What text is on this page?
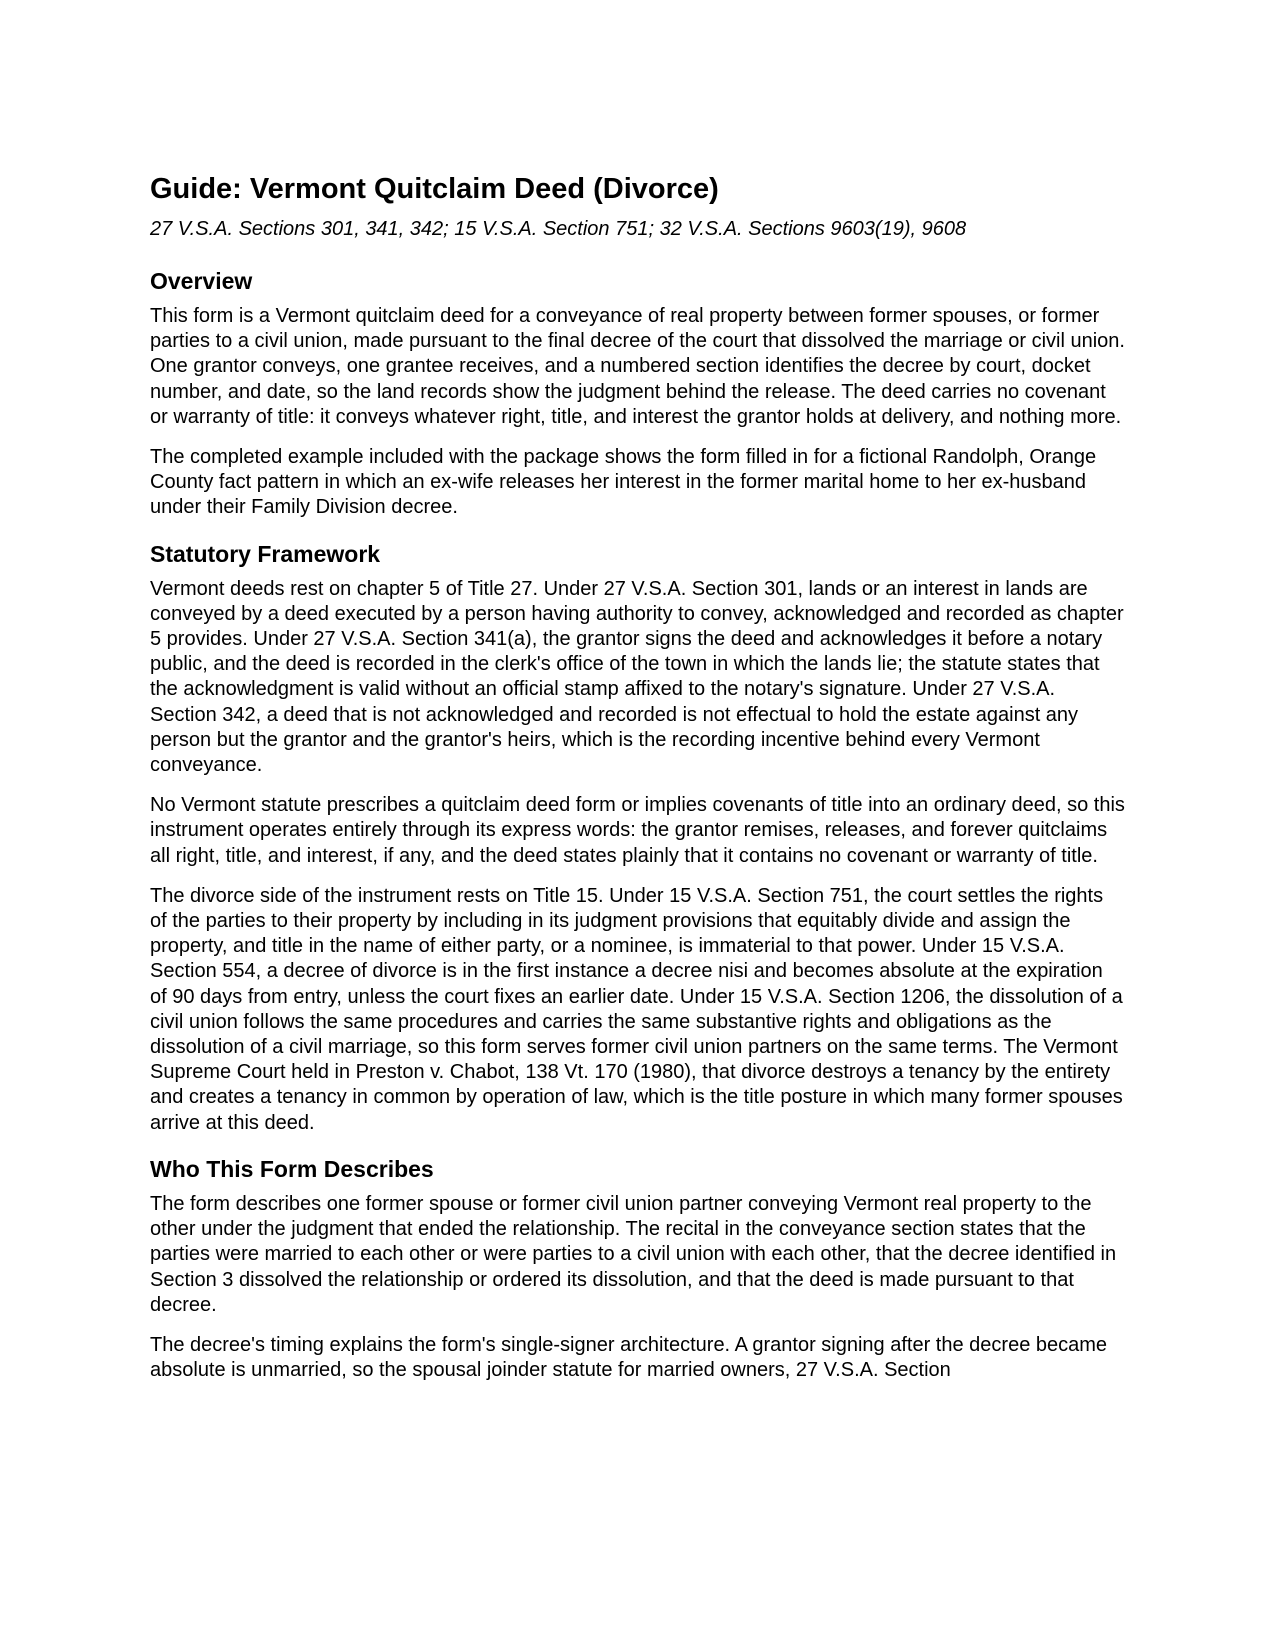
Guide: Vermont Quitclaim Deed (Divorce)
27 V.S.A. Sections 301, 341, 342; 15 V.S.A. Section 751; 32 V.S.A. Sections 9603(19), 9608
Overview

This form is a Vermont quitclaim deed for a conveyance of real property between former spouses, or former parties to a civil union, made pursuant to the final decree of the court that dissolved the marriage or civil union. One grantor conveys, one grantee receives, and a numbered section identifies the decree by court, docket number, and date, so the land records show the judgment behind the release. The deed carries no covenant or warranty of title: it conveys whatever right, title, and interest the grantor holds at delivery, and nothing more.

The completed example included with the package shows the form filled in for a fictional Randolph, Orange County fact pattern in which an ex-wife releases her interest in the former marital home to her ex-husband under their Family Division decree.

Statutory Framework

Vermont deeds rest on chapter 5 of Title 27. Under 27 V.S.A. Section 301, lands or an interest in lands are conveyed by a deed executed by a person having authority to convey, acknowledged and recorded as chapter 5 provides. Under 27 V.S.A. Section 341(a), the grantor signs the deed and acknowledges it before a notary public, and the deed is recorded in the clerk's office of the town in which the lands lie; the statute states that the acknowledgment is valid without an official stamp affixed to the notary's signature. Under 27 V.S.A. Section 342, a deed that is not acknowledged and recorded is not effectual to hold the estate against any person but the grantor and the grantor's heirs, which is the recording incentive behind every Vermont conveyance.

No Vermont statute prescribes a quitclaim deed form or implies covenants of title into an ordinary deed, so this instrument operates entirely through its express words: the grantor remises, releases, and forever quitclaims all right, title, and interest, if any, and the deed states plainly that it contains no covenant or warranty of title.

The divorce side of the instrument rests on Title 15. Under 15 V.S.A. Section 751, the court settles the rights of the parties to their property by including in its judgment provisions that equitably divide and assign the property, and title in the name of either party, or a nominee, is immaterial to that power. Under 15 V.S.A. Section 554, a decree of divorce is in the first instance a decree nisi and becomes absolute at the expiration of 90 days from entry, unless the court fixes an earlier date. Under 15 V.S.A. Section 1206, the dissolution of a civil union follows the same procedures and carries the same substantive rights and obligations as the dissolution of a civil marriage, so this form serves former civil union partners on the same terms. The Vermont Supreme Court held in Preston v. Chabot, 138 Vt. 170 (1980), that divorce destroys a tenancy by the entirety and creates a tenancy in common by operation of law, which is the title posture in which many former spouses arrive at this deed.

Who This Form Describes

The form describes one former spouse or former civil union partner conveying Vermont real property to the other under the judgment that ended the relationship. The recital in the conveyance section states that the parties were married to each other or were parties to a civil union with each other, that the decree identified in Section 3 dissolved the relationship or ordered its dissolution, and that the deed is made pursuant to that decree.

The decree's timing explains the form's single-signer architecture. A grantor signing after the decree became absolute is unmarried, so the spousal joinder statute for married owners, 27 V.S.A. Section
